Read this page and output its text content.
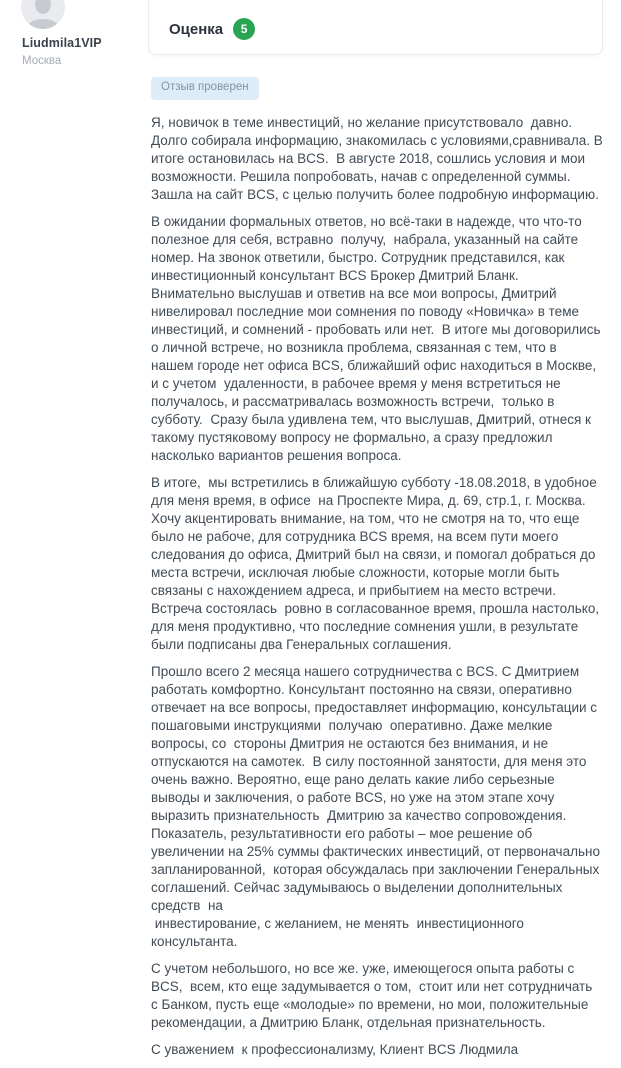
Liudmila1VIP
Москва
Оценка	5
Отзыв проверен

Я, новичок в теме инвестиций, но желание присутствовало  давно.  Долго собирала информацию, знакомилась с условиями,сравнивала. В итоге остановилась на BCS.  В августе 2018, сошлись условия и мои возможности. Решила попробовать, начав с определенной суммы. Зашла на сайт BCS, с целью получить более подробную информацию.

В ожидании формальных ответов, но всё-таки в надежде, что что-то полезное для себя, встравно  получу,  набрала, указанный на сайте номер. На звонок ответили, быстро. Сотрудник представился, как инвестиционный консультант BCS Брокер Дмитрий Бланк. Внимательно выслушав и ответив на все мои вопросы, Дмитрий нивелировал последние мои сомнения по поводу «Новичка» в теме инвестиций, и сомнений - пробовать или нет.  В итоге мы договорились о личной встрече, но возникла проблема, связанная с тем, что в нашем городе нет офиса BCS, ближайший офис находиться в Москве, и с учетом  удаленности, в рабочее время у меня встретиться не получалось, и рассматривалась возможность встречи,  только в субботу.  Сразу была удивлена тем, что выслушав, Дмитрий, отнеся к такому пустяковому вопросу не формально, а сразу предложил насколько вариантов решения вопроса.

В итоге,  мы встретились в ближайшую субботу -18.08.2018, в удобное для меня время, в офисе  на Проспекте Мира, д. 69, стр.1, г. Москва. Хочу акцентировать внимание, на том, что не смотря на то, что еще было не рабоче, для сотрудника BCS время, на всем пути моего следования до офиса, Дмитрий был на связи, и помогал добраться до места встречи, исключая любые сложности, которые могли быть связаны с нахождением адреса, и прибытием на место встречи. Встреча состоялась  ровно в согласованное время, прошла настолько, для меня продуктивно, что последние сомнения ушли, в результате были подписаны два Генеральных соглашения.

Прошло всего 2 месяца нашего сотрудничества с BCS. С Дмитрием работать комфортно. Консультант постоянно на связи, оперативно отвечает на все вопросы, предоставляет информацию, консультации с
пошаговыми инструкциями  получаю  оперативно. Даже мелкие вопросы, со  стороны Дмитрия не остаются без внимания, и не отпускаются на самотек.  В силу постоянной занятости, для меня это очень важно. Вероятно, еще рано делать какие либо серьезные выводы и заключения, о работе BCS, но уже на этом этапе хочу выразить признательность  Дмитрию за качество сопровождения. Показатель, результативности его работы – мое решение об увеличении на 25% суммы фактических инвестиций, от первоначально запланированной,  которая обсуждалась при заключении Генеральных соглашений. Сейчас задумываюсь о выделении дополнительных средств  на
инвестирование, с желанием, не менять  инвестиционного консультанта.

С учетом небольшого, но все же. уже, имеющегося опыта работы с BCS,  всем, кто еще задумывается о том,  стоит или нет сотрудничать  с Банком, пусть еще «молодые» по времени, но мои, положительные рекомендации, а Дмитрию Бланк, отдельная признательность.

С уважением  к профессионализму, Клиент BCS Людмила
